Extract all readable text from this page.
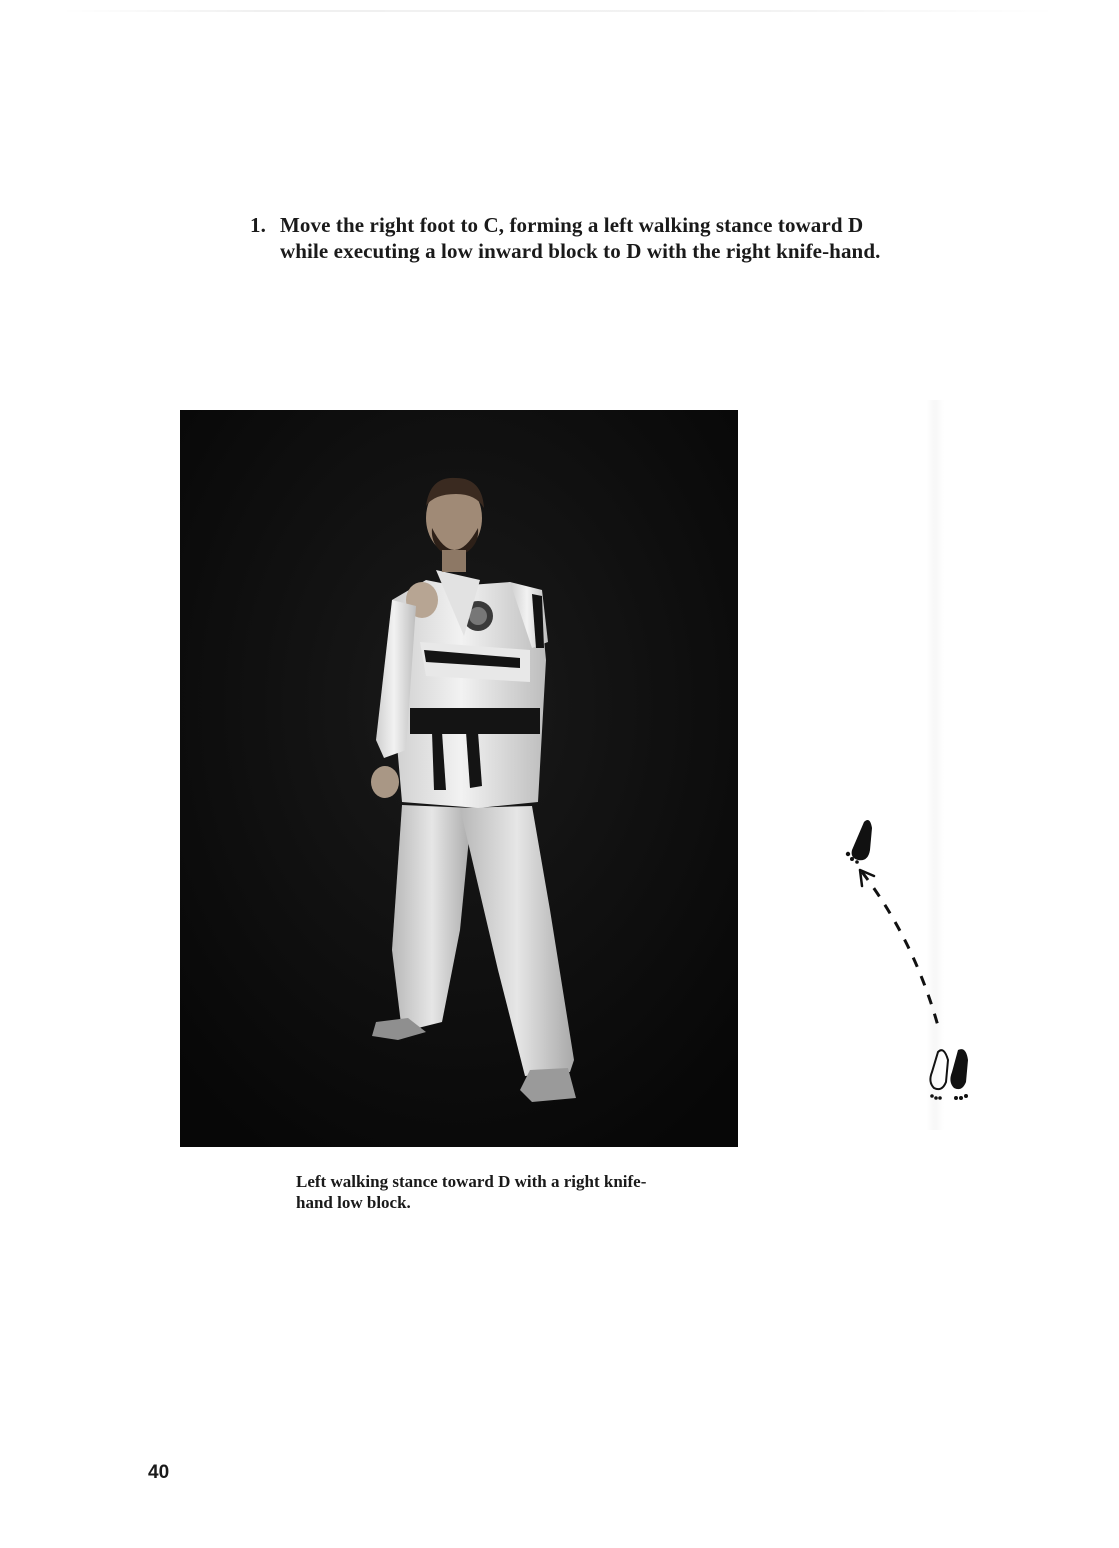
1. Move the right foot to C, forming a left walking stance toward D while executing a low inward block to D with the right knife-hand.
Left walking stance toward D with a right knife-hand low block.
40
